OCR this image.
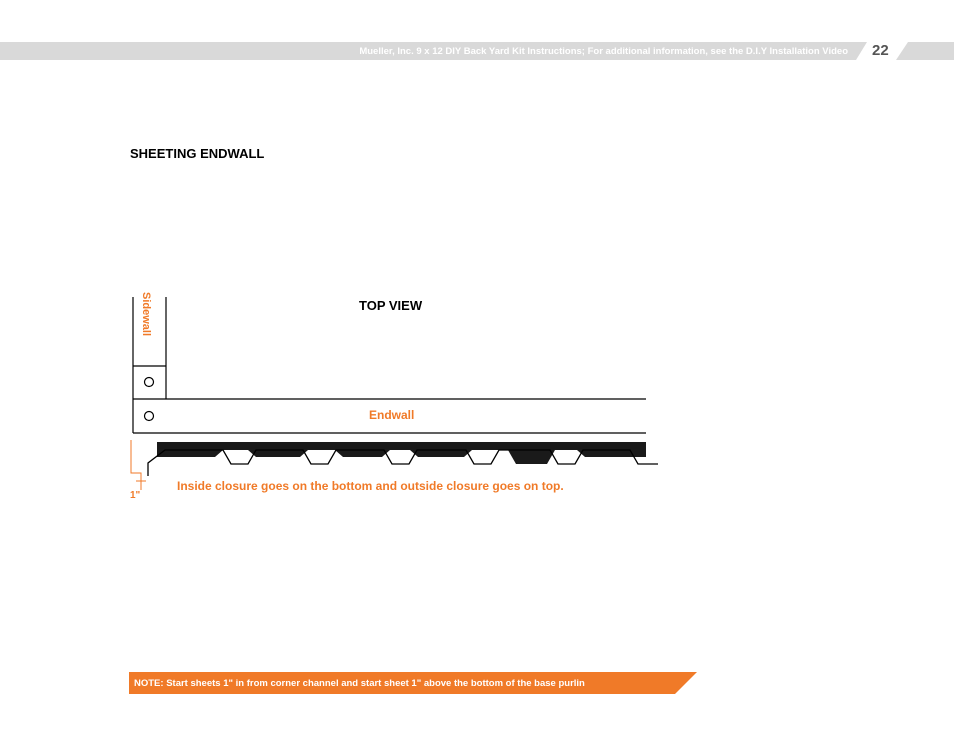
Mueller, Inc. 9 x 12 DIY Back Yard Kit Instructions; For additional information, see the D.I.Y Installation Video 22
SHEETING ENDWALL
TOP VIEW
Sidewall
Endwall
1"
Inside closure goes on the bottom and outside closure goes on top.
NOTE: Start sheets 1" in from corner channel and start sheet 1" above the bottom of the base purlin
